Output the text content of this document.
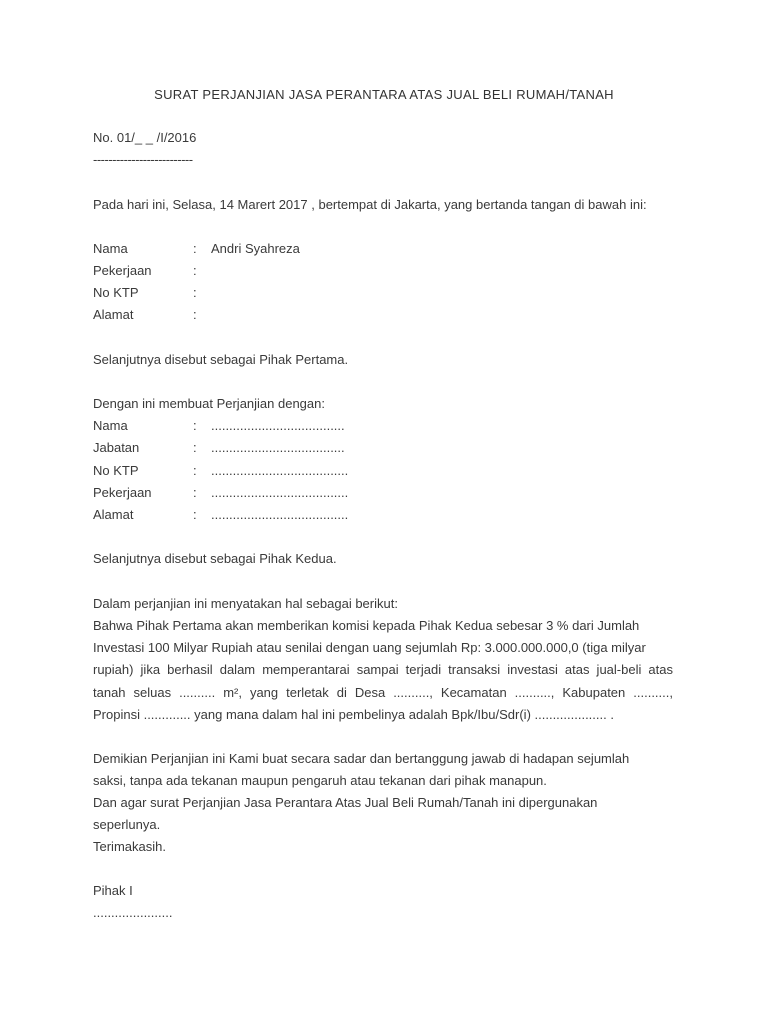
SURAT PERJANJIAN JASA PERANTARA ATAS JUAL BELI RUMAH/TANAH
No. 01/_ _ /I/2016
--------------------------
Pada hari ini, Selasa, 14 Marert 2017 , bertempat di Jakarta, yang bertanda tangan di bawah ini:
Nama	: Andri Syahreza
Pekerjaan	:
No KTP	:
Alamat	:
Selanjutnya disebut sebagai Pihak Pertama.
Dengan ini membuat Perjanjian dengan:
Nama	: .....................................
Jabatan	: .....................................
No KTP	: ......................................
Pekerjaan	: ......................................
Alamat	: ......................................
Selanjutnya disebut sebagai Pihak Kedua.
Dalam perjanjian ini menyatakan hal sebagai berikut:
Bahwa Pihak Pertama akan memberikan komisi kepada Pihak Kedua sebesar 3 % dari Jumlah
Investasi 100 Milyar Rupiah atau senilai dengan uang sejumlah Rp: 3.000.000.000,0 (tiga milyar
rupiah) jika berhasil dalam memperantarai sampai terjadi transaksi investasi atas jual-beli atas
tanah seluas .......... m², yang terletak di Desa .........., Kecamatan .........., Kabupaten ..........,
Propinsi ............. yang mana dalam hal ini pembelinya adalah Bpk/Ibu/Sdr(i) .................... .
Demikian Perjanjian ini Kami buat secara sadar dan bertanggung jawab di hadapan sejumlah
saksi, tanpa ada tekanan maupun pengaruh atau tekanan dari pihak manapun.
Dan agar surat Perjanjian Jasa Perantara Atas Jual Beli Rumah/Tanah ini dipergunakan
seperlunya.
Terimakasih.
Pihak I
......................
